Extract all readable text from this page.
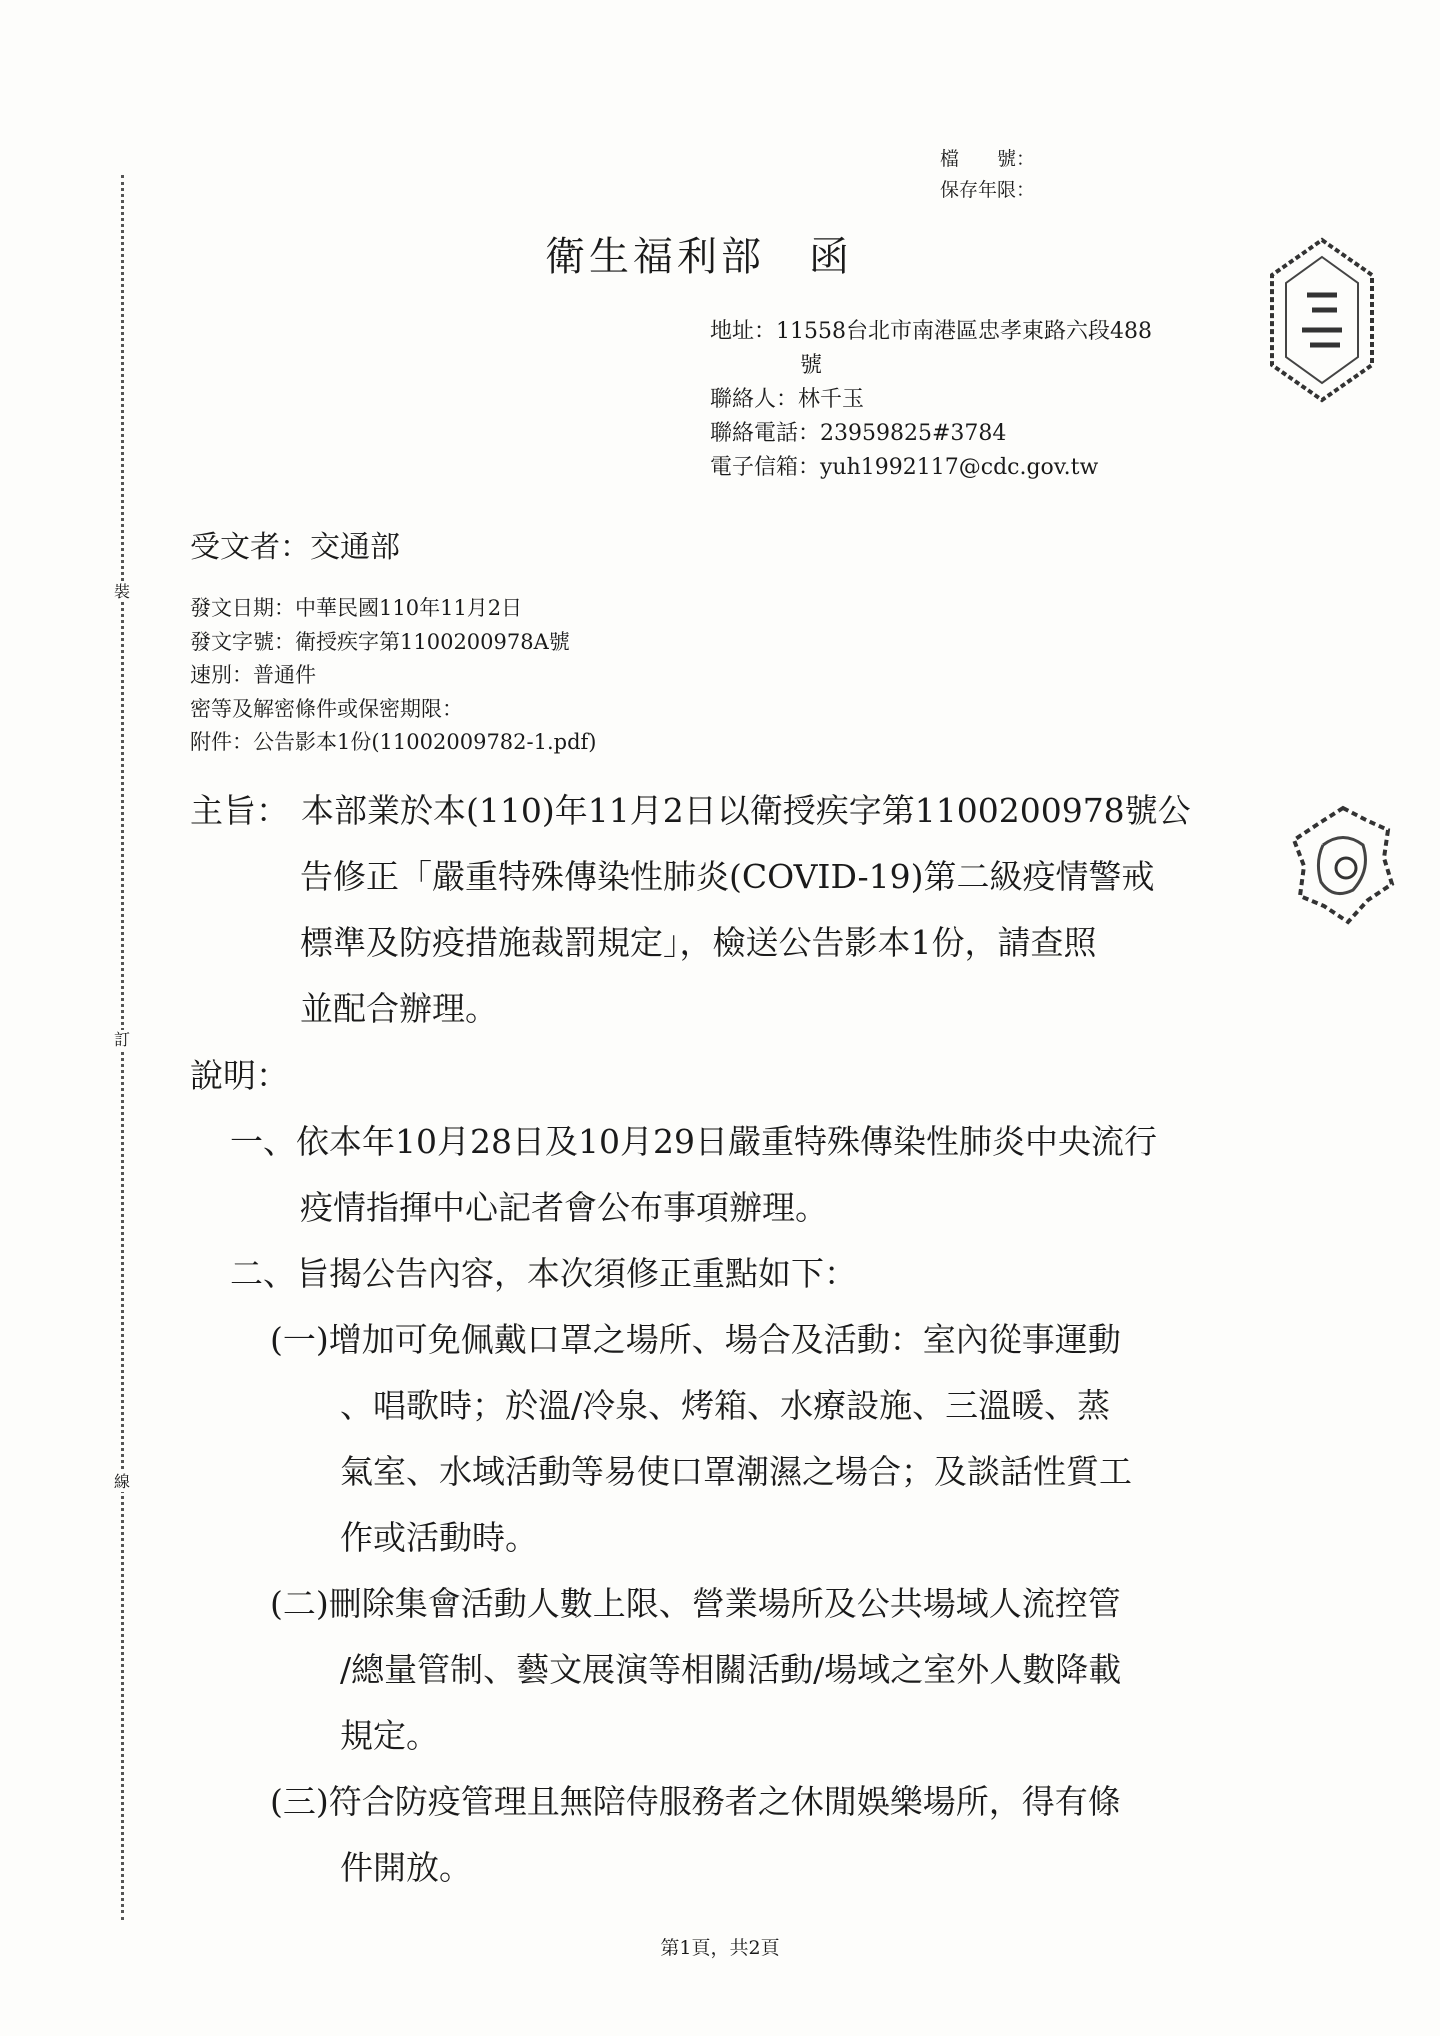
裝
訂
線
檔　　號：
保存年限：
衛生福利部　函
地址：11558台北市南港區忠孝東路六段488
號
聯絡人：林千玉
聯絡電話：23959825#3784
電子信箱：yuh1992117@cdc.gov.tw
受文者：交通部
發文日期：中華民國110年11月2日
發文字號：衛授疾字第1100200978A號
速別：普通件
密等及解密條件或保密期限：
附件：公告影本1份(11002009782-1.pdf)
主旨： 本部業於本(110)年11月2日以衛授疾字第1100200978號公
告修正「嚴重特殊傳染性肺炎(COVID-19)第二級疫情警戒
標準及防疫措施裁罰規定」，檢送公告影本1份，請查照
並配合辦理。
說明：
一、依本年10月28日及10月29日嚴重特殊傳染性肺炎中央流行
疫情指揮中心記者會公布事項辦理。
二、旨揭公告內容，本次須修正重點如下：
(一)增加可免佩戴口罩之場所、場合及活動：室內從事運動
、唱歌時；於溫/冷泉、烤箱、水療設施、三溫暖、蒸
氣室、水域活動等易使口罩潮濕之場合；及談話性質工
作或活動時。
(二)刪除集會活動人數上限、營業場所及公共場域人流控管
/總量管制、藝文展演等相關活動/場域之室外人數降載
規定。
(三)符合防疫管理且無陪侍服務者之休閒娛樂場所，得有條
件開放。
第1頁，共2頁
